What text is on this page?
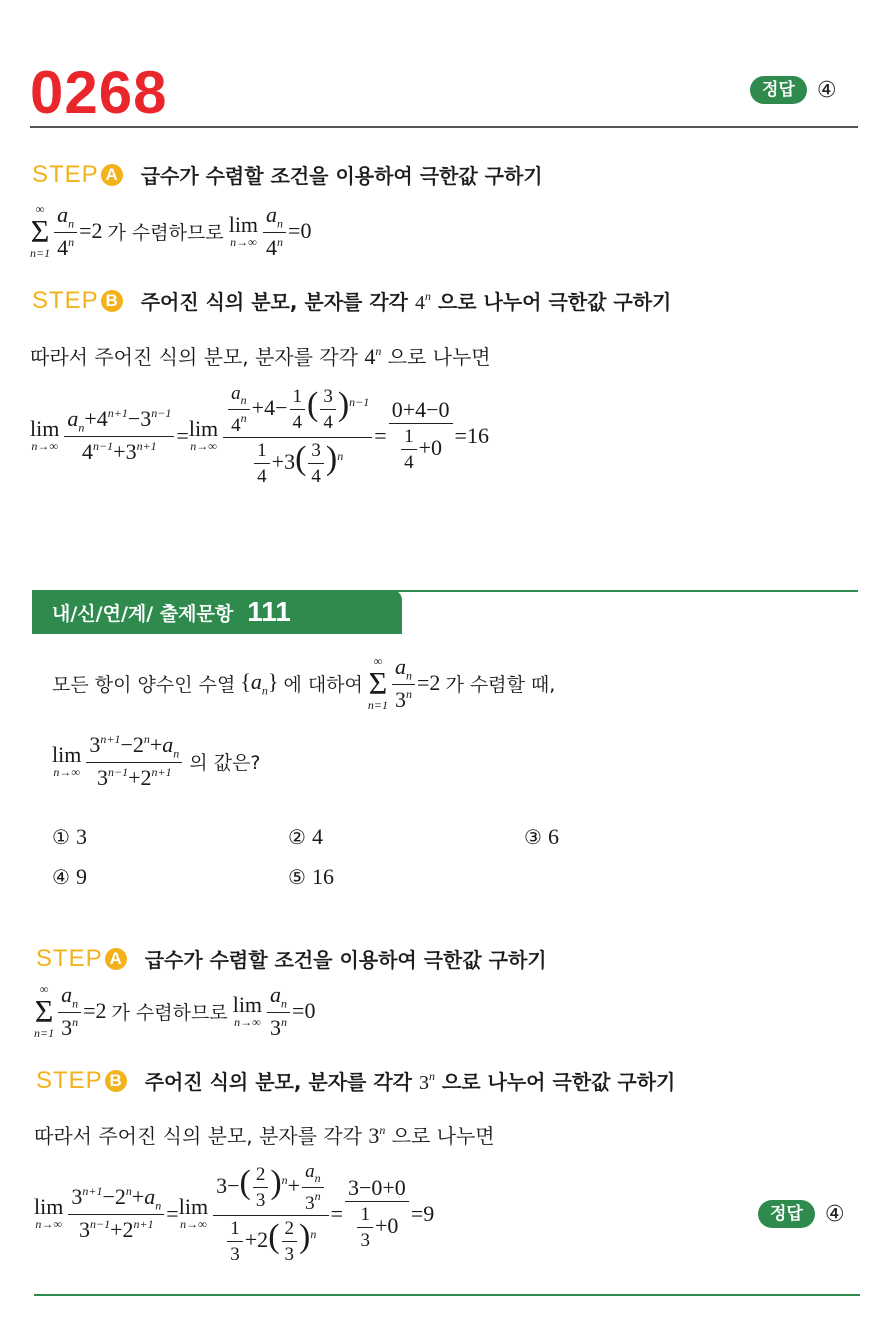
0268	정답	④
STEP A 급수가 수렴할 조건을 이용하여 극한값 구하기
∞
Σ
$n=1 \frac{a_n}{4^n} =2$ 가 수렴하므로 lim
$n\to\infty \frac{a_n}{4^n} =0$
STEP B 주어진 식의 분모, 분자를 각각 4$^n$ 으로 나누어 극한값 구하기
따라서 주어진 식의 분모, 분자를 각각 4$^n$ 으로 나누면
lim
$n\to\infty \frac{a_n+4^{n+1}-3^{n-1}}{4^{n-1}+3^{n+1}} = \lim$
$n\to\infty \frac{\frac{a_n}{4^n} +4- \frac{1}{4} ( \frac{3}{4} )^{n-1}}{\frac{1}{4} +3( \frac{3}{4} )^n} = \frac{0+4-0}{\frac{1}{4} +0} = 16$
내/신/연/계/ 출제문항 111
모든 항이 양수인 수열 $\{a_n\}$ 에 대하여
∞
Σ
$n=1 \frac{a_n}{3^n} =2$ 가 수렴할 때,
lim
$n\to\infty \frac{3^{n+1}-2^n+a_n}{3^{n-1}+2^{n+1}}$ 의 값은?
① 3	② 4	③ 6
④ 9	⑤ 16
STEP A 급수가 수렴할 조건을 이용하여 극한값 구하기
∞
Σ
$n=1 \frac{a_n}{3^n} =2$ 가 수렴하므로 lim
$n\to\infty \frac{a_n}{3^n} =0$
STEP B 주어진 식의 분모, 분자를 각각 3$^n$ 으로 나누어 극한값 구하기
따라서 주어진 식의 분모, 분자를 각각 3$^n$ 으로 나누면
lim
$n\to\infty \frac{3^{n+1}-2^n+a_n}{3^{n-1}+2^{n+1}} = \lim$
$n\to\infty \frac{3-( \frac{2}{3} )^n+ \frac{a_n}{3^n}}{\frac{1}{3} +2( \frac{2}{3} )^n} = \frac{3-0+0}{\frac{1}{3} +0} = 9$	정답	④
